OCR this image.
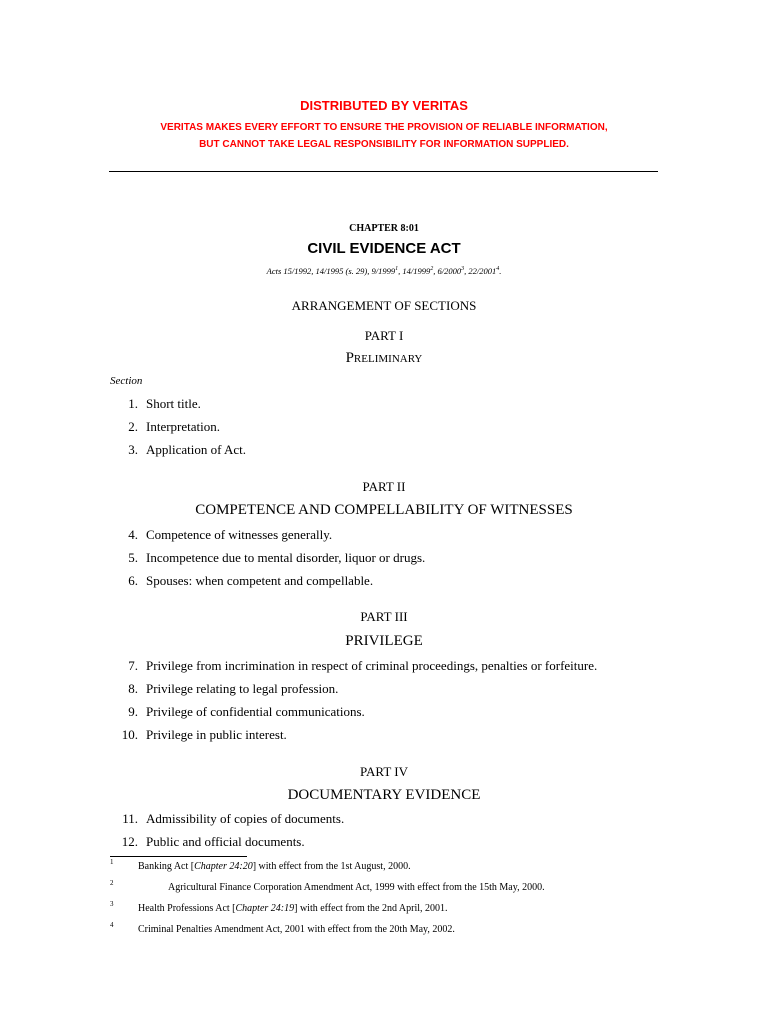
DISTRIBUTED BY VERITAS
VERITAS MAKES EVERY EFFORT TO ENSURE THE PROVISION OF RELIABLE INFORMATION,
BUT CANNOT TAKE LEGAL RESPONSIBILITY FOR INFORMATION SUPPLIED.
CHAPTER 8:01
CIVIL EVIDENCE ACT
Acts 15/1992, 14/1995 (s. 29), 9/1999$^1$, 14/1999$^2$, 6/2000$^3$, 22/2001$^4$.
ARRANGEMENT OF SECTIONS
PART I
Preliminary
Section
1. Short title.
2. Interpretation.
3. Application of Act.
PART II
COMPETENCE AND COMPELLABILITY OF WITNESSES
4. Competence of witnesses generally.
5. Incompetence due to mental disorder, liquor or drugs.
6. Spouses: when competent and compellable.
PART III
PRIVILEGE
7. Privilege from incrimination in respect of criminal proceedings, penalties or forfeiture.
8. Privilege relating to legal profession.
9. Privilege of confidential communications.
10. Privilege in public interest.
PART IV
DOCUMENTARY EVIDENCE
11. Admissibility of copies of documents.
12. Public and official documents.
1 Banking Act [Chapter 24:20] with effect from the 1st August, 2000.
2	Agricultural Finance Corporation Amendment Act, 1999 with effect from the 15th May, 2000.
3 Health Professions Act [Chapter 24:19] with effect from the 2nd April, 2001.
4 Criminal Penalties Amendment Act, 2001 with effect from the 20th May, 2002.
